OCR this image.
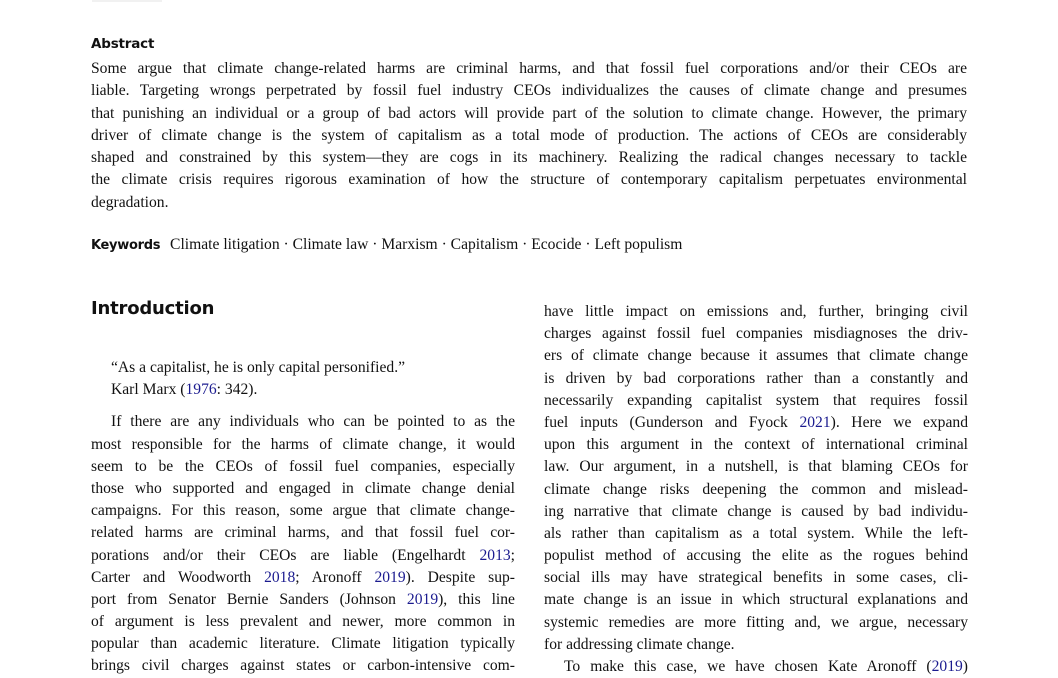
Abstract
Some argue that climate change-related harms are criminal harms, and that fossil fuel corporations and/or their CEOs are
liable. Targeting wrongs perpetrated by fossil fuel industry CEOs individualizes the causes of climate change and presumes
that punishing an individual or a group of bad actors will provide part of the solution to climate change. However, the primary
driver of climate change is the system of capitalism as a total mode of production. The actions of CEOs are considerably
shaped and constrained by this system—they are cogs in its machinery. Realizing the radical changes necessary to tackle
the climate crisis requires rigorous examination of how the structure of contemporary capitalism perpetuates environmental
degradation.
Keywords Climate litigation · Climate law · Marxism · Capitalism · Ecocide · Left populism
Introduction
“As a capitalist, he is only capital personified.”
Karl Marx (1976: 342).
If there are any individuals who can be pointed to as the
most responsible for the harms of climate change, it would
seem to be the CEOs of fossil fuel companies, especially
those who supported and engaged in climate change denial
campaigns. For this reason, some argue that climate change-
related harms are criminal harms, and that fossil fuel cor-
porations and/or their CEOs are liable (Engelhardt 2013;
Carter and Woodworth 2018; Aronoff 2019). Despite sup-
port from Senator Bernie Sanders (Johnson 2019), this line
of argument is less prevalent and newer, more common in
popular than academic literature. Climate litigation typically
brings civil charges against states or carbon-intensive com-
have little impact on emissions and, further, bringing civil
charges against fossil fuel companies misdiagnoses the driv-
ers of climate change because it assumes that climate change
is driven by bad corporations rather than a constantly and
necessarily expanding capitalist system that requires fossil
fuel inputs (Gunderson and Fyock 2021). Here we expand
upon this argument in the context of international criminal
law. Our argument, in a nutshell, is that blaming CEOs for
climate change risks deepening the common and mislead-
ing narrative that climate change is caused by bad individu-
als rather than capitalism as a total system. While the left-
populist method of accusing the elite as the rogues behind
social ills may have strategical benefits in some cases, cli-
mate change is an issue in which structural explanations and
systemic remedies are more fitting and, we argue, necessary
for addressing climate change.
To make this case, we have chosen Kate Aronoff (2019)
